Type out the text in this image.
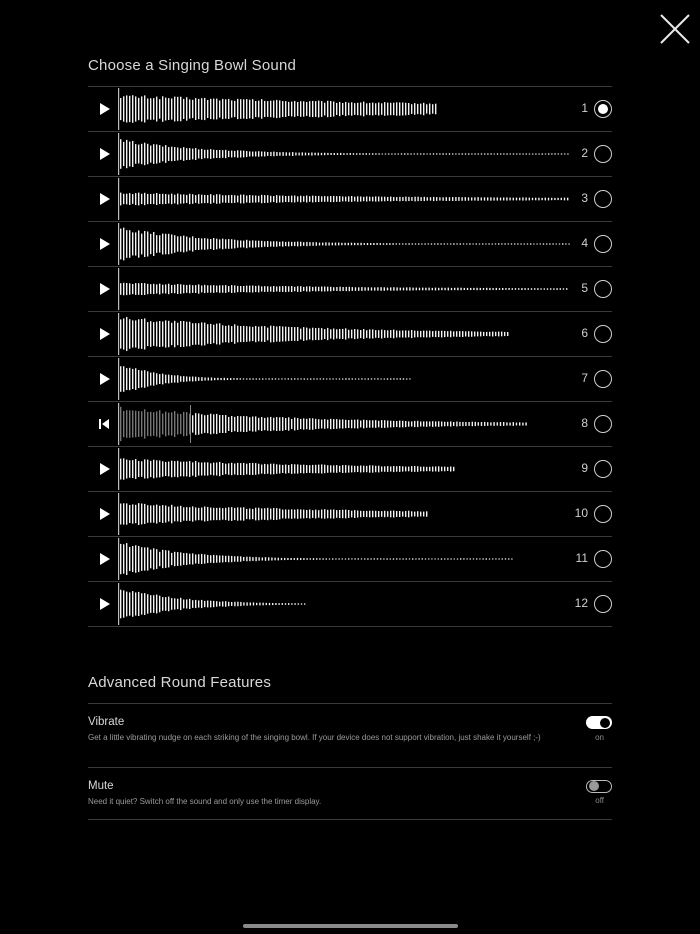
Choose a Singing Bowl Sound
1
2
3
4
5
6
7
8
9
10
11
12
Advanced Round Features
Vibrate
Get a little vibrating nudge on each striking of the singing bowl. If your device does not support vibration, just shake it yourself ;-)	on
Mute
Need it quiet? Switch off the sound and only use the timer display.	off
